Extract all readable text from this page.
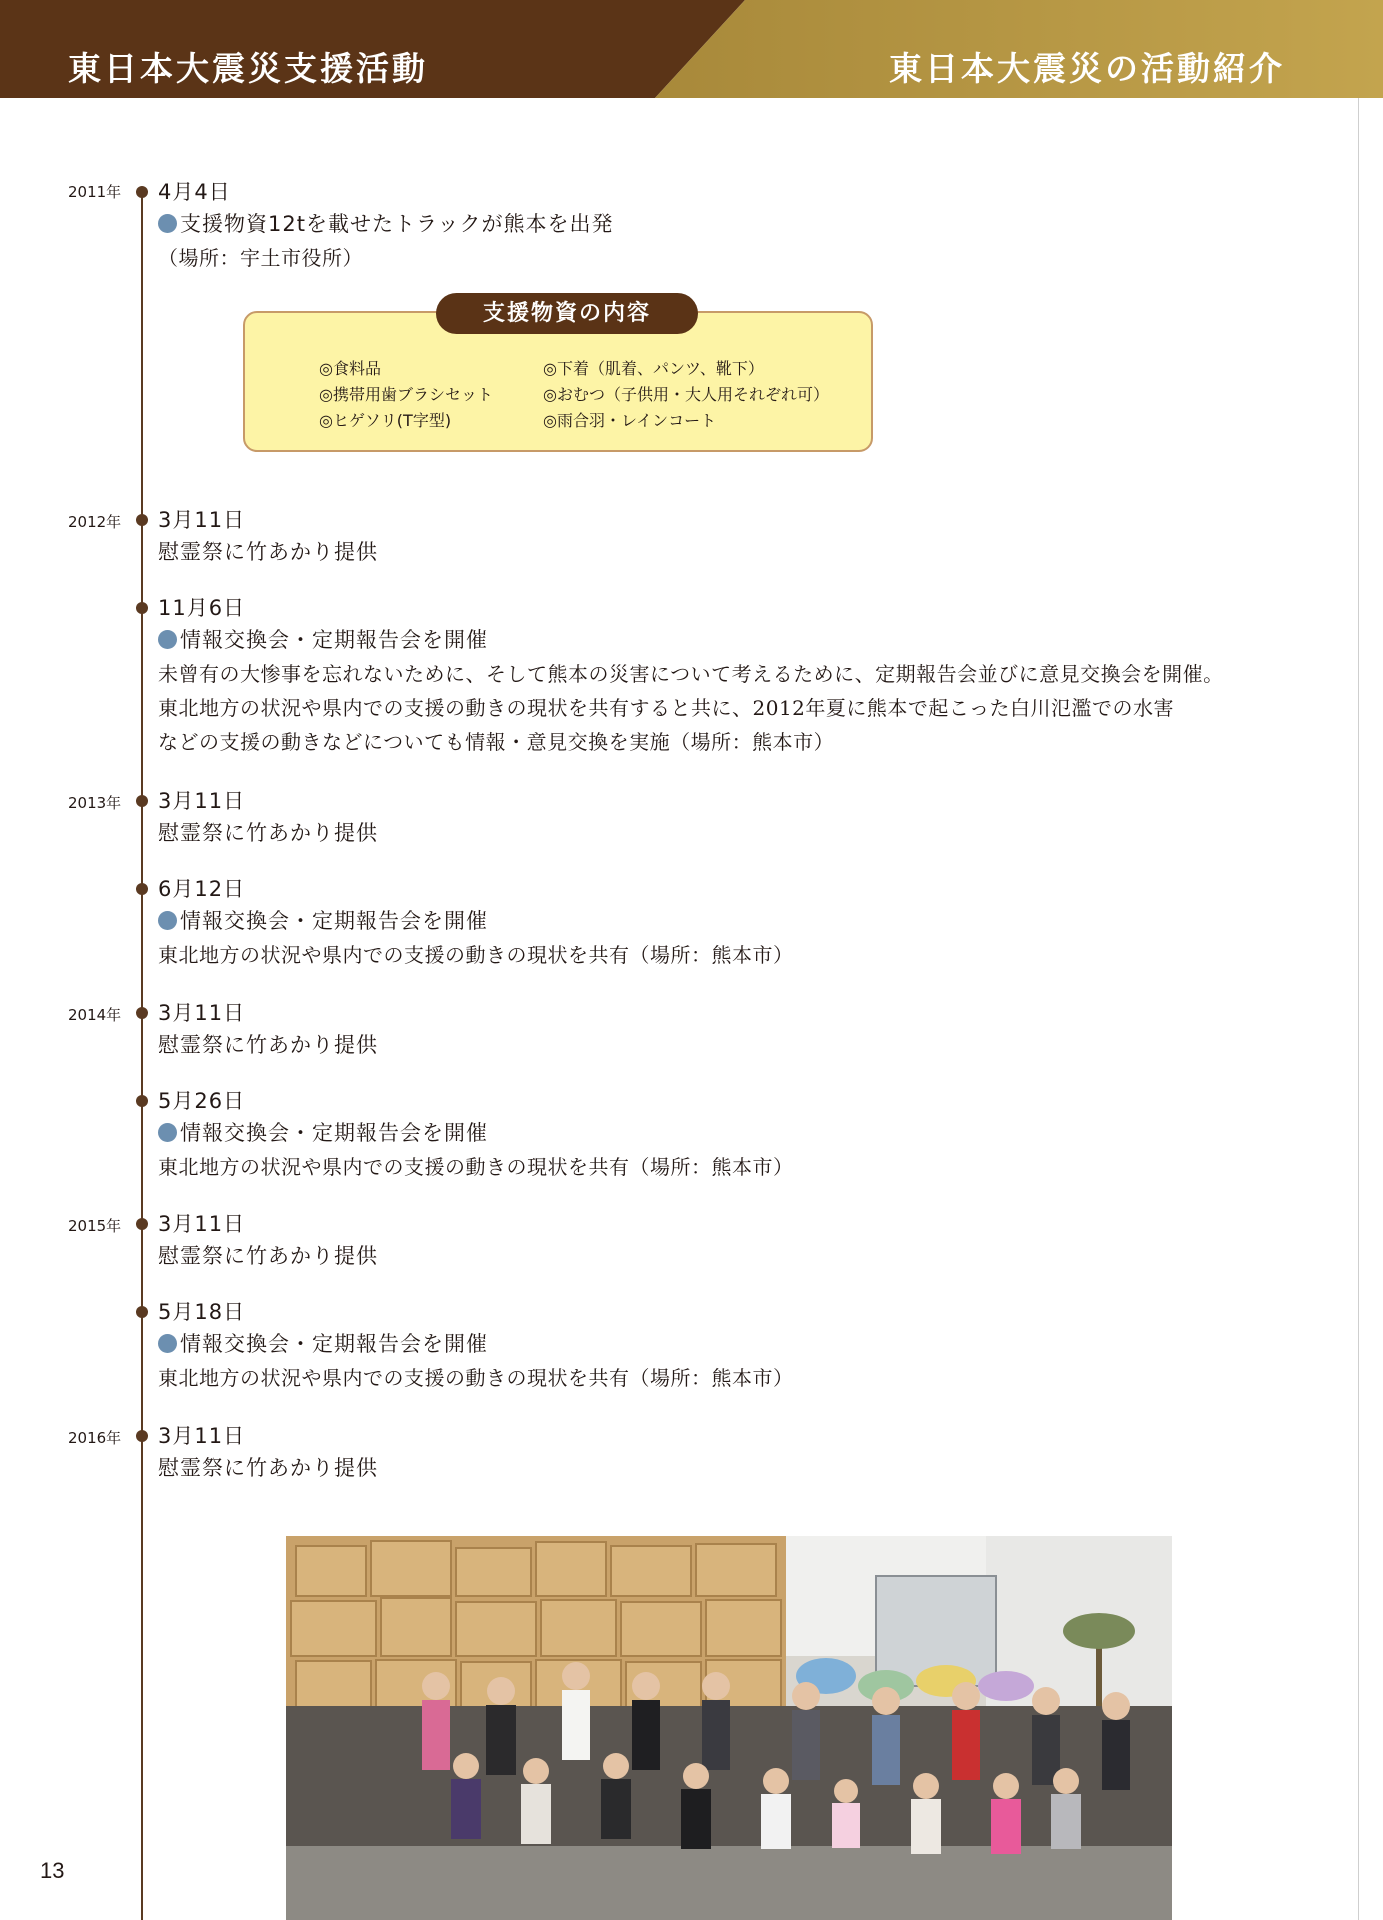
東日本大震災支援活動	東日本大震災の活動紹介
2011年	4月4日
支援物資12tを載せたトラックが熊本を出発
（場所：宇土市役所）
支援物資の内容
◎食料品
◎携帯用歯ブラシセット
◎ヒゲソリ(T字型)
◎下着（肌着、パンツ、靴下）
◎おむつ（子供用・大人用それぞれ可）
◎雨合羽・レインコート
2012年	3月11日
慰霊祭に竹あかり提供
11月6日
情報交換会・定期報告会を開催
未曾有の大惨事を忘れないために、そして熊本の災害について考えるために、定期報告会並びに意見交換会を開催。
東北地方の状況や県内での支援の動きの現状を共有すると共に、2012年夏に熊本で起こった白川氾濫での水害
などの支援の動きなどについても情報・意見交換を実施（場所：熊本市）
2013年	3月11日
慰霊祭に竹あかり提供
6月12日
情報交換会・定期報告会を開催
東北地方の状況や県内での支援の動きの現状を共有（場所：熊本市）
2014年	3月11日
慰霊祭に竹あかり提供
5月26日
情報交換会・定期報告会を開催
東北地方の状況や県内での支援の動きの現状を共有（場所：熊本市）
2015年	3月11日
慰霊祭に竹あかり提供
5月18日
情報交換会・定期報告会を開催
東北地方の状況や県内での支援の動きの現状を共有（場所：熊本市）
2016年	3月11日
慰霊祭に竹あかり提供
13
